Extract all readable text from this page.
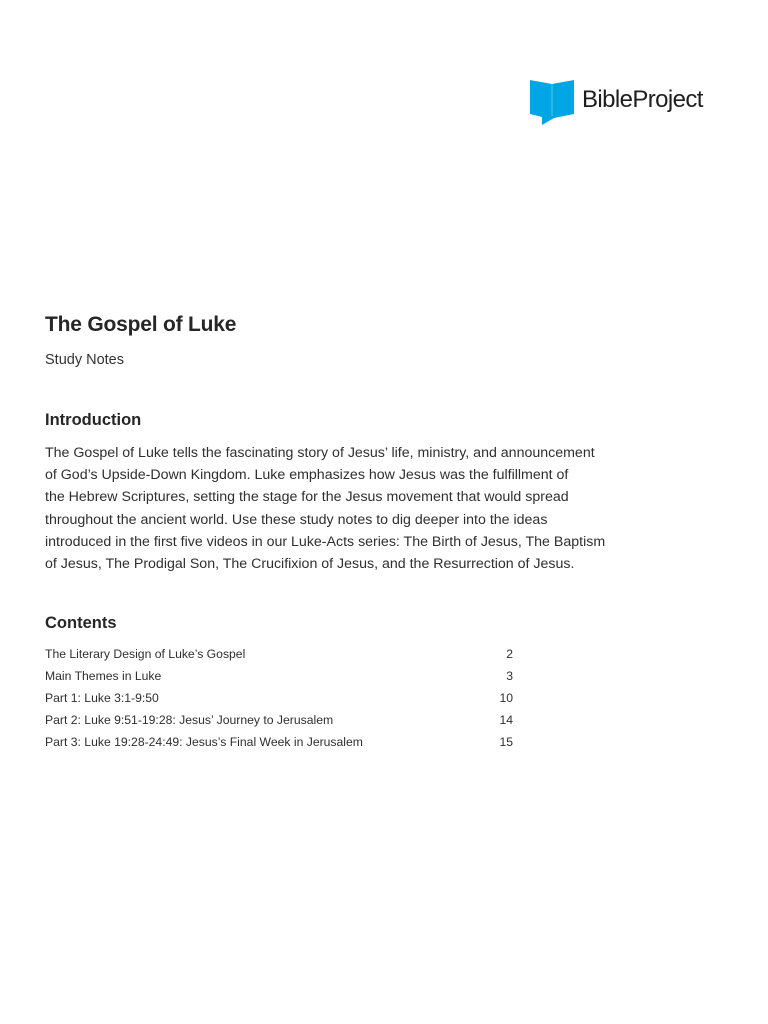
BibleProject
The Gospel of Luke

Study Notes

Introduction

The Gospel of Luke tells the fascinating story of Jesus’ life, ministry, and announcement
of God’s Upside-Down Kingdom. Luke emphasizes how Jesus was the fulfillment of
the Hebrew Scriptures, setting the stage for the Jesus movement that would spread
throughout the ancient world. Use these study notes to dig deeper into the ideas
introduced in the first five videos in our Luke-Acts series: The Birth of Jesus, The Baptism
of Jesus, The Prodigal Son, The Crucifixion of Jesus, and the Resurrection of Jesus.

Contents
The Literary Design of Luke’s Gospel	2
Main Themes in Luke	3
Part 1: Luke 3:1-9:50	10
Part 2: Luke 9:51-19:28: Jesus’ Journey to Jerusalem	14
Part 3: Luke 19:28-24:49: Jesus’s Final Week in Jerusalem	15
